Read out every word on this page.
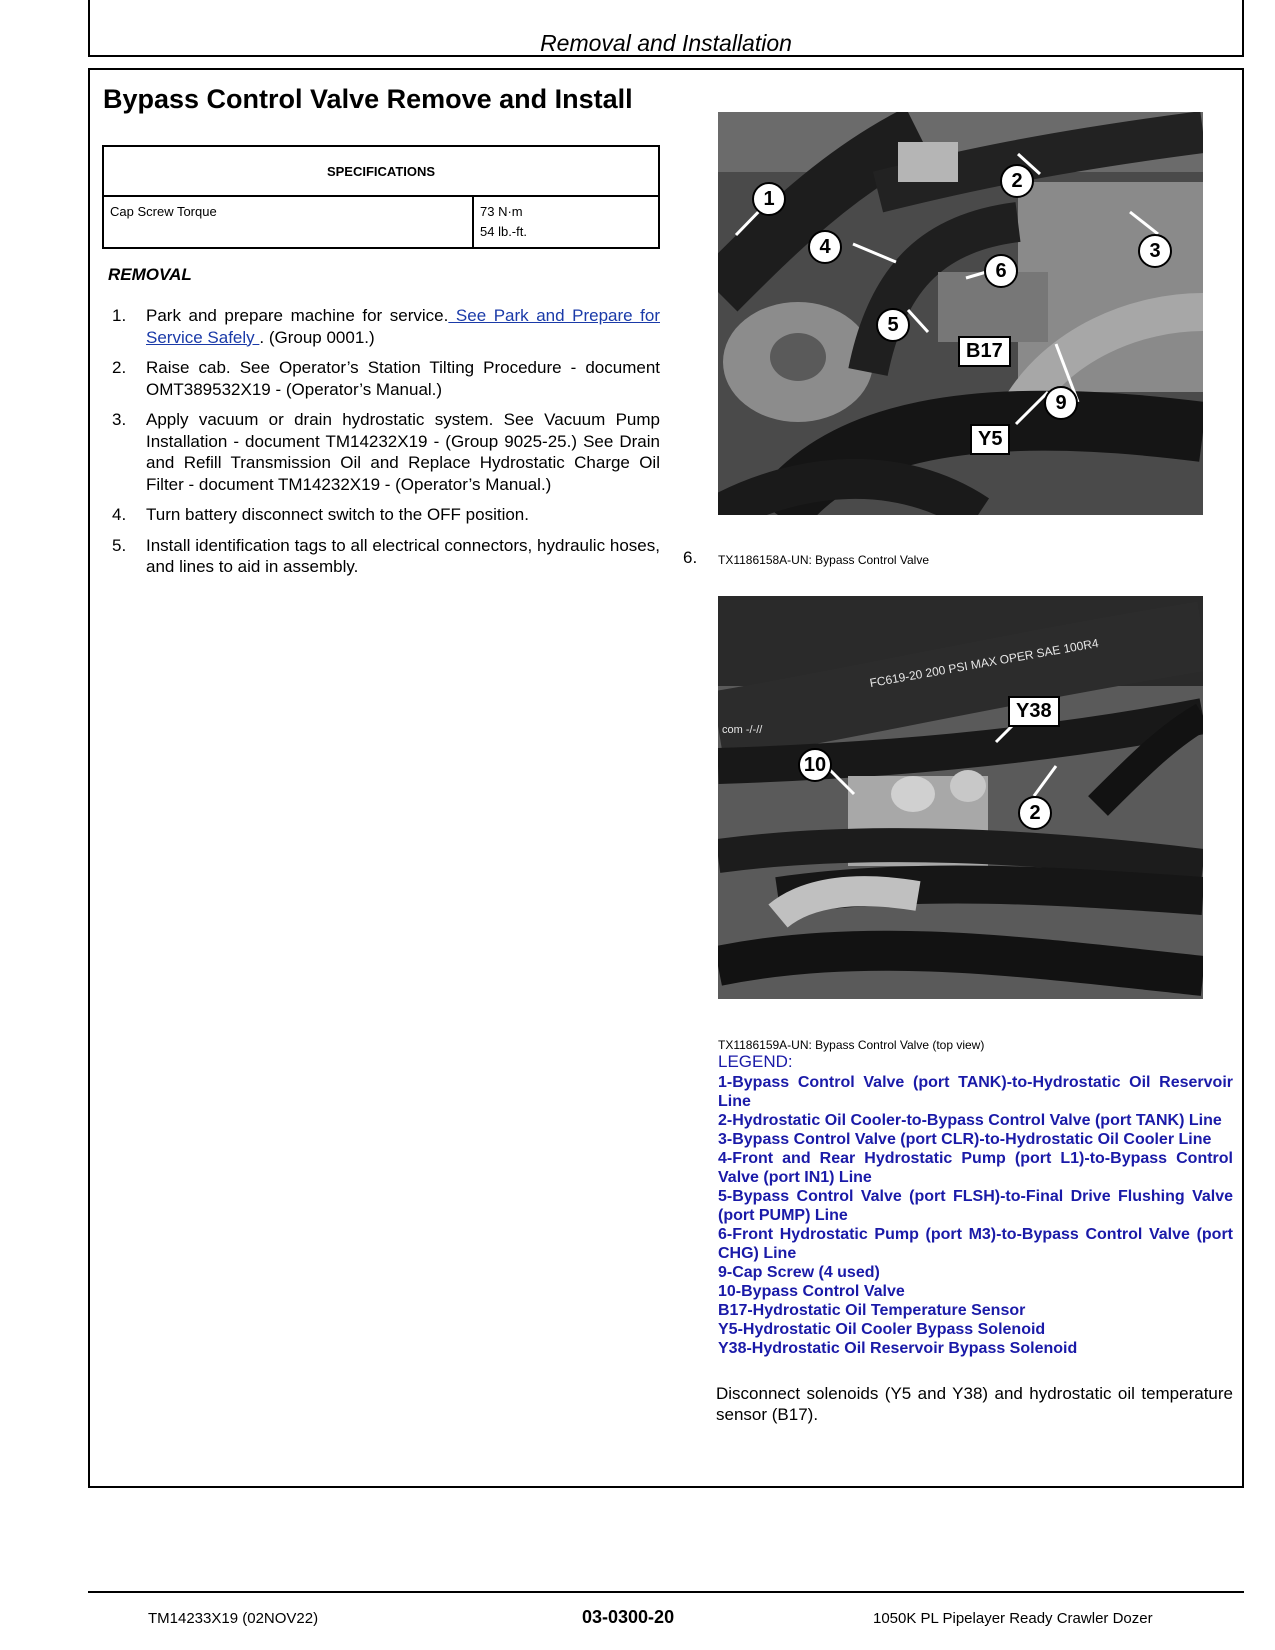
Removal and Installation
Bypass Control Valve Remove and Install
SPECIFICATIONS
Cap Screw Torque	73 N·m
54 lb.-ft.
REMOVAL
1. Park and prepare machine for service. See Park and Prepare for Service Safely . (Group 0001.)
2. Raise cab. See Operator’s Station Tilting Procedure - document OMT389532X19 - (Operator’s Manual.)
3. Apply vacuum or drain hydrostatic system. See Vacuum Pump Installation - document TM14232X19 - (Group 9025-25.) See Drain and Refill Transmission Oil and Replace Hydrostatic Charge Oil Filter - document TM14232X19 - (Operator’s Manual.)
4. Turn battery disconnect switch to the OFF position.
5. Install identification tags to all electrical connectors, hydraulic hoses, and lines to aid in assembly.
1
2
3
4
5
6
9
B17
Y5
6. TX1186158A-UN: Bypass Control Valve
FC619-20 200 PSI MAX OPER SAE 100R4
com -/-//
10
2
Y38
TX1186159A-UN: Bypass Control Valve (top view)
LEGEND:
1-Bypass Control Valve (port TANK)-to-Hydrostatic Oil Reservoir Line
2-Hydrostatic Oil Cooler-to-Bypass Control Valve (port TANK) Line
3-Bypass Control Valve (port CLR)-to-Hydrostatic Oil Cooler Line
4-Front and Rear Hydrostatic Pump (port L1)-to-Bypass Control Valve (port IN1) Line
5-Bypass Control Valve (port FLSH)-to-Final Drive Flushing Valve (port PUMP) Line
6-Front Hydrostatic Pump (port M3)-to-Bypass Control Valve (port CHG) Line
9-Cap Screw (4 used)
10-Bypass Control Valve
B17-Hydrostatic Oil Temperature Sensor
Y5-Hydrostatic Oil Cooler Bypass Solenoid
Y38-Hydrostatic Oil Reservoir Bypass Solenoid
Disconnect solenoids (Y5 and Y38) and hydrostatic oil temperature sensor (B17).
TM14233X19 (02NOV22)	03-0300-20	1050K PL Pipelayer Ready Crawler Dozer
